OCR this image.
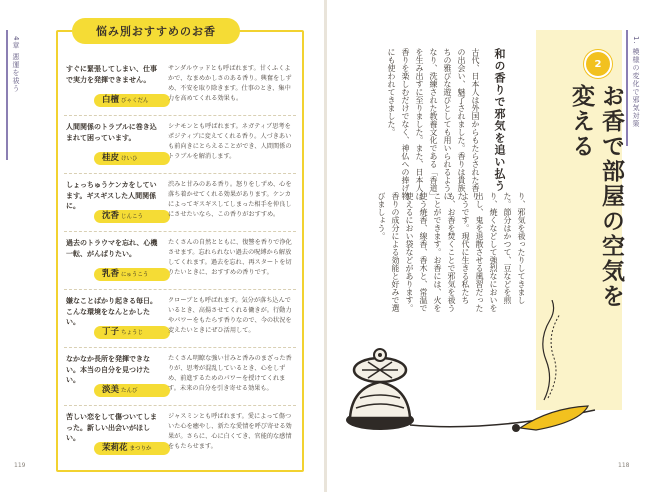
4章 悪運を祓う
悩み別おすすめのお香
すぐに緊張してしまい、仕事で実力を発揮できません。
白檀 びゃくだん
サンダルウッドとも呼ばれます。甘くふくよかで、なまめかしさのある香り。興奮をしずめ、不安を取り除きます。仕事のとき、集中力を高めてくれる効果も。
人間関係のトラブルに巻き込まれて困っています。
桂皮 けいひ
シナモンとも呼ばれます。ネガティブ思考をポジティブに変えてくれる香り。人づきあいも前向きにとらえることができ、人間関係のトラブルを解消します。
しょっちゅうケンカをしています。ギスギスした人間関係に。
沈香 じんこう
渋みと甘みのある香り。怒りをしずめ、心を落ち着かせてくれる効果があります。ケンカによってギスギスしてしまった相手を仲良しにさせたいなら、この香りがおすすめ。
過去のトラウマを忘れ、心機一転、がんばりたい。
乳香 にゅうこう
たくさんの自然とともに、復讐を香りで浄化させます。忘れられない過去の呪縛から解放してくれます。過去を忘れ、再スタートを切りたいときに、おすすめの香りです。
嫌なことばかり起きる毎日。こんな環境をなんとかしたい。
丁子 ちょうじ
クローブとも呼ばれます。気分が落ち込んでいるとき、高揚させてくれる働きが。行動力やパワーをもたらす香りなので、今の状況を変えたいときにぜひ活用して。
なかなか長所を発揮できない。本当の自分を見つけたい。
淡美 たんび
たくさん明瞭な強い甘みと香みのまざった香りが、思考が混乱しているとき、心をしずめ、前進するためのパワーを授けてくれます。未来の自分を引き寄せる効果も。
苦しい恋をして傷ついてしまった。新しい出会いがほしい。
茉莉花 まつりか
ジャスミンとも呼ばれます。愛によって傷ついた心を癒やし、新たな愛情を呼び寄せる効果が。さらに、心に白くてき、官能的な感情をもたらせます。
119
1. 模様の変化で邪気対策
2
お香で部屋の空気を
変える
和の香りで邪気を追い払う
古代、日本人は外国からもたらされた香りの出会い、魅了されました。香りは貴族たちの雅びな遊びとしても用いられるようになり、洗練された教養文化である「香道」を生み出すに至りました。また、日本人は香りを楽しむだけでなく、神仏への捧げ物にも使われてきました。
り、邪気を祓ったりしてきました。節分はかつて、豆などを煎り、焼くなどして強烈なにおいを出し、鬼を退散させる風習だったようです。現代に生きる私たちも、お香を焚くことで邪気を祓うことができます。お香には、火を使う焼香、線香、香木と、常温で使えるにおい袋などがあります。香りの成分による効能と好みで選びましょう。
118
